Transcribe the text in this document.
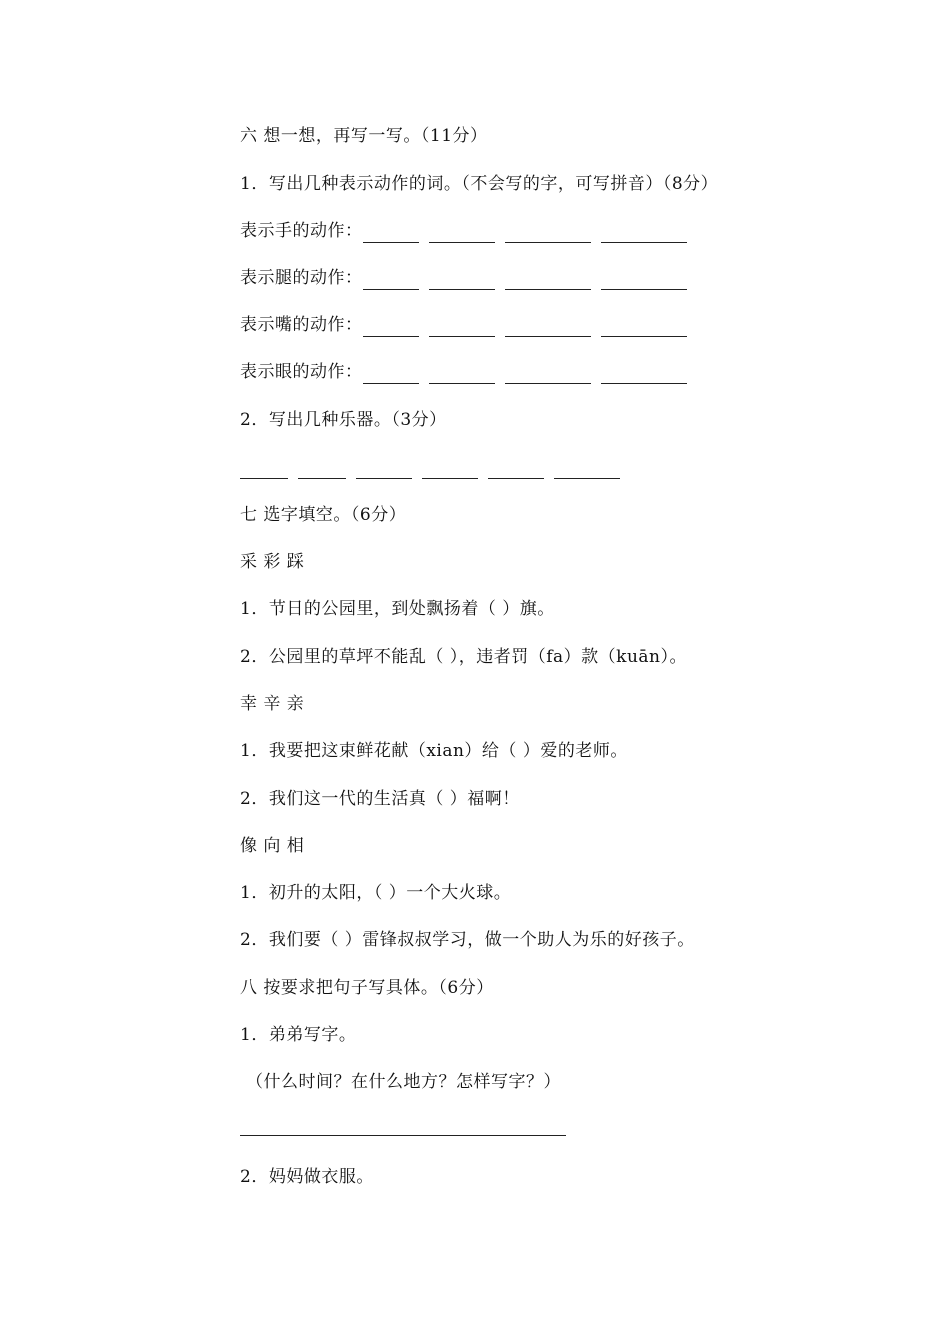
六 想一想，再写一写。（11分）
1．写出几种表示动作的词。（不会写的字，可写拼音）（8分）
表示手的动作：
表示腿的动作：
表示嘴的动作：
表示眼的动作：
2．写出几种乐器。（3分）
七 选字填空。（6分）
采 彩 踩
1．节日的公园里，到处飘扬着（ ）旗。
2．公园里的草坪不能乱（ ），违者罚（fa）款（kuān）。
幸 辛 亲
1．我要把这束鲜花献（xian）给（ ）爱的老师。
2．我们这一代的生活真（ ）福啊！
像 向 相
1．初升的太阳，（ ）一个大火球。
2．我们要（ ）雷锋叔叔学习，做一个助人为乐的好孩子。
八 按要求把句子写具体。（6分）
1．弟弟写字。
（什么时间？在什么地方？怎样写字？）
2．妈妈做衣服。
